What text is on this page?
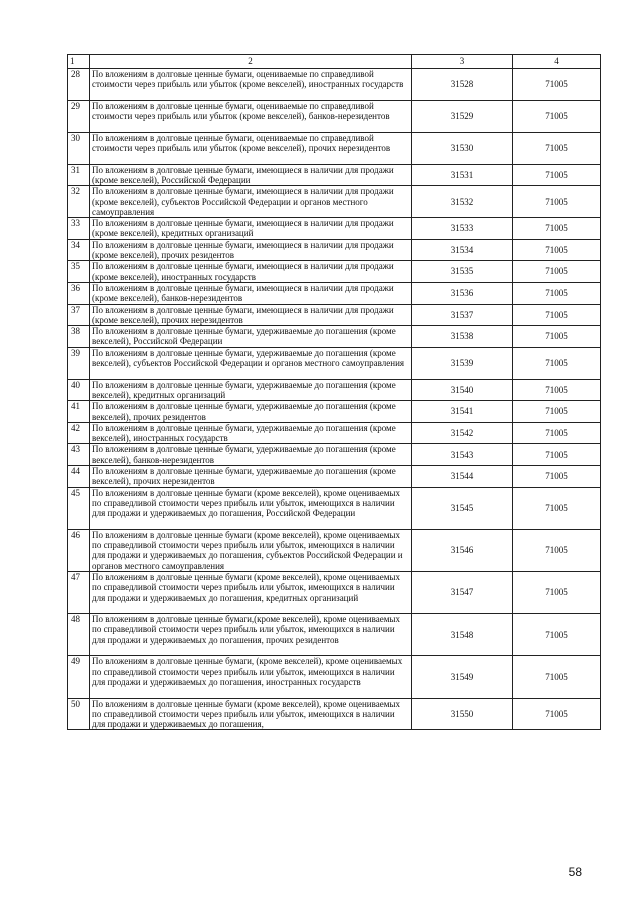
1	2	3	4
28	По вложениям в долговые ценные бумаги, оцениваемые по справедливой стоимости через прибыль или убыток (кроме векселей), иностранных государств	31528	71005
29	По вложениям в долговые ценные бумаги, оцениваемые по справедливой стоимости через прибыль или убыток (кроме векселей), банков-нерезидентов	31529	71005
30	По вложениям в долговые ценные бумаги, оцениваемые по справедливой стоимости через прибыль или убыток (кроме векселей), прочих нерезидентов	31530	71005
31	По вложениям в долговые ценные бумаги, имеющиеся в наличии для продажи (кроме векселей), Российской Федерации	31531	71005
32	По вложениям в долговые ценные бумаги, имеющиеся в наличии для продажи (кроме векселей), субъектов Российской Федерации и органов местного самоуправления	31532	71005
33	По вложениям в долговые ценные бумаги, имеющиеся в наличии для продажи (кроме векселей), кредитных организаций	31533	71005
34	По вложениям в долговые ценные бумаги, имеющиеся в наличии для продажи (кроме векселей), прочих резидентов	31534	71005
35	По вложениям в долговые ценные бумаги, имеющиеся в наличии для продажи (кроме векселей), иностранных государств	31535	71005
36	По вложениям в долговые ценные бумаги, имеющиеся в наличии для продажи (кроме векселей), банков-нерезидентов	31536	71005
37	По вложениям в долговые ценные бумаги, имеющиеся в наличии для продажи (кроме векселей), прочих нерезидентов	31537	71005
38	По вложениям в долговые ценные бумаги, удерживаемые до погашения (кроме векселей), Российской Федерации	31538	71005
39	По вложениям в долговые ценные бумаги, удерживаемые до погашения (кроме векселей), субъектов Российской Федерации и органов местного самоуправления	31539	71005
40	По вложениям в долговые ценные бумаги, удерживаемые до погашения (кроме векселей), кредитных организаций	31540	71005
41	По вложениям в долговые ценные бумаги, удерживаемые до погашения (кроме векселей), прочих резидентов	31541	71005
42	По вложениям в долговые ценные бумаги, удерживаемые до погашения (кроме векселей), иностранных государств	31542	71005
43	По вложениям в долговые ценные бумаги, удерживаемые до погашения (кроме векселей), банков-нерезидентов	31543	71005
44	По вложениям в долговые ценные бумаги, удерживаемые до погашения (кроме векселей), прочих нерезидентов	31544	71005
45	По вложениям в долговые ценные бумаги (кроме векселей), кроме оцениваемых по справедливой стоимости через прибыль или убыток, имеющихся в наличии для продажи и удерживаемых до погашения, Российской Федерации	31545	71005
46	По вложениям в долговые ценные бумаги (кроме векселей), кроме оцениваемых по справедливой стоимости через прибыль или убыток, имеющихся в наличии для продажи и удерживаемых до погашения, субъектов Российской Федерации и органов местного самоуправления	31546	71005
47	По вложениям в долговые ценные бумаги (кроме векселей), кроме оцениваемых по справедливой стоимости через прибыль или убыток, имеющихся в наличии для продажи и удерживаемых до погашения, кредитных организаций	31547	71005
48	По вложениям в долговые ценные бумаги,(кроме векселей), кроме оцениваемых по справедливой стоимости через прибыль или убыток, имеющихся в наличии для продажи и удерживаемых до погашения, прочих резидентов	31548	71005
49	По вложениям в долговые ценные бумаги, (кроме векселей), кроме оцениваемых по справедливой стоимости через прибыль или убыток, имеющихся в наличии для продажи и удерживаемых до погашения, иностранных государств	31549	71005
50	По вложениям в долговые ценные бумаги (кроме векселей), кроме оцениваемых по справедливой стоимости через прибыль или убыток, имеющихся в наличии для продажи и удерживаемых до погашения,	31550	71005
58
